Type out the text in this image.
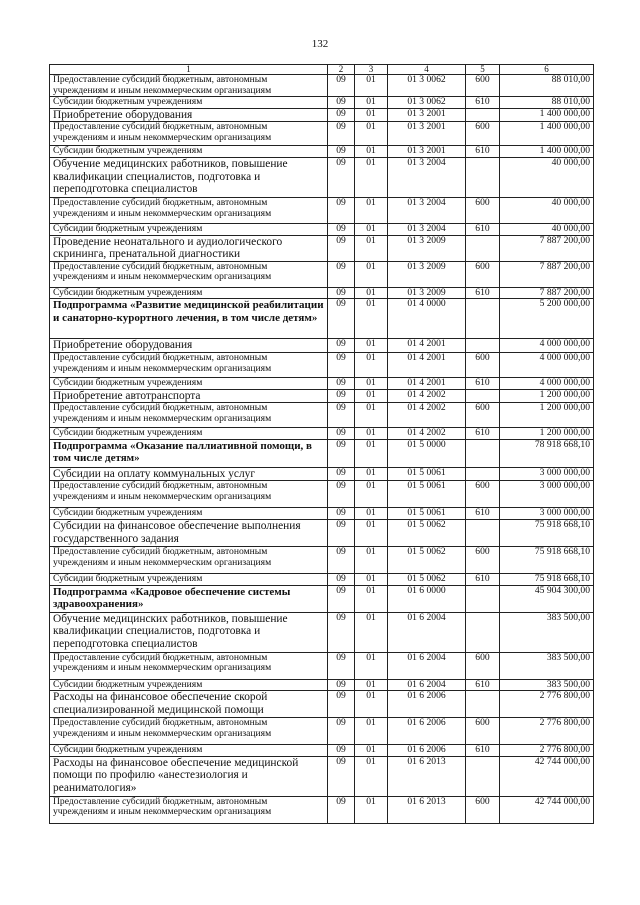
132
1	2	3	4	5	6
Предоставление субсидий бюджетным, автономным учреждениям и иным некоммерческим организациям	09	01	01 3 0062	600	88 010,00
Субсидии бюджетным учреждениям	09	01	01 3 0062	610	88 010,00
Приобретение оборудования	09	01	01 3 2001		1 400 000,00
Предоставление субсидий бюджетным, автономным учреждениям и иным некоммерческим организациям	09	01	01 3 2001	600	1 400 000,00
Субсидии бюджетным учреждениям	09	01	01 3 2001	610	1 400 000,00
Обучение медицинских работников, повышение квалификации специалистов, подготовка и переподготовка специалистов	09	01	01 3 2004		40 000,00
Предоставление субсидий бюджетным, автономным учреждениям и иным некоммерческим организациям	09	01	01 3 2004	600	40 000,00
Субсидии бюджетным учреждениям	09	01	01 3 2004	610	40 000,00
Проведение неонатального и аудиологического скрининга, пренатальной диагностики	09	01	01 3 2009		7 887 200,00
Предоставление субсидий бюджетным, автономным учреждениям и иным некоммерческим организациям	09	01	01 3 2009	600	7 887 200,00
Субсидии бюджетным учреждениям	09	01	01 3 2009	610	7 887 200,00
Подпрограмма «Развитие медицинской реабилитации и санаторно-курортного лечения, в том числе детям»	09	01	01 4 0000		5 200 000,00
Приобретение оборудования	09	01	01 4 2001		4 000 000,00
Предоставление субсидий бюджетным, автономным учреждениям и иным некоммерческим организациям	09	01	01 4 2001	600	4 000 000,00
Субсидии бюджетным учреждениям	09	01	01 4 2001	610	4 000 000,00
Приобретение автотранспорта	09	01	01 4 2002		1 200 000,00
Предоставление субсидий бюджетным, автономным учреждениям и иным некоммерческим организациям	09	01	01 4 2002	600	1 200 000,00
Субсидии бюджетным учреждениям	09	01	01 4 2002	610	1 200 000,00
Подпрограмма «Оказание паллиативной помощи, в том числе детям»	09	01	01 5 0000		78 918 668,10
Субсидии на оплату коммунальных услуг	09	01	01 5 0061		3 000 000,00
Предоставление субсидий бюджетным, автономным учреждениям и иным некоммерческим организациям	09	01	01 5 0061	600	3 000 000,00
Субсидии бюджетным учреждениям	09	01	01 5 0061	610	3 000 000,00
Субсидии на финансовое обеспечение выполнения государственного задания	09	01	01 5 0062		75 918 668,10
Предоставление субсидий бюджетным, автономным учреждениям и иным некоммерческим организациям	09	01	01 5 0062	600	75 918 668,10
Субсидии бюджетным учреждениям	09	01	01 5 0062	610	75 918 668,10
Подпрограмма «Кадровое обеспечение системы здравоохранения»	09	01	01 6 0000		45 904 300,00
Обучение медицинских работников, повышение квалификации специалистов, подготовка и переподготовка специалистов	09	01	01 6 2004		383 500,00
Предоставление субсидий бюджетным, автономным учреждениям и иным некоммерческим организациям	09	01	01 6 2004	600	383 500,00
Субсидии бюджетным учреждениям	09	01	01 6 2004	610	383 500,00
Расходы на финансовое обеспечение скорой специализированной медицинской помощи	09	01	01 6 2006		2 776 800,00
Предоставление субсидий бюджетным, автономным учреждениям и иным некоммерческим организациям	09	01	01 6 2006	600	2 776 800,00
Субсидии бюджетным учреждениям	09	01	01 6 2006	610	2 776 800,00
Расходы на финансовое обеспечение медицинской помощи по профилю «анестезиология и реаниматология»	09	01	01 6 2013		42 744 000,00
Предоставление субсидий бюджетным, автономным учреждениям и иным некоммерческим организациям	09	01	01 6 2013	600	42 744 000,00
